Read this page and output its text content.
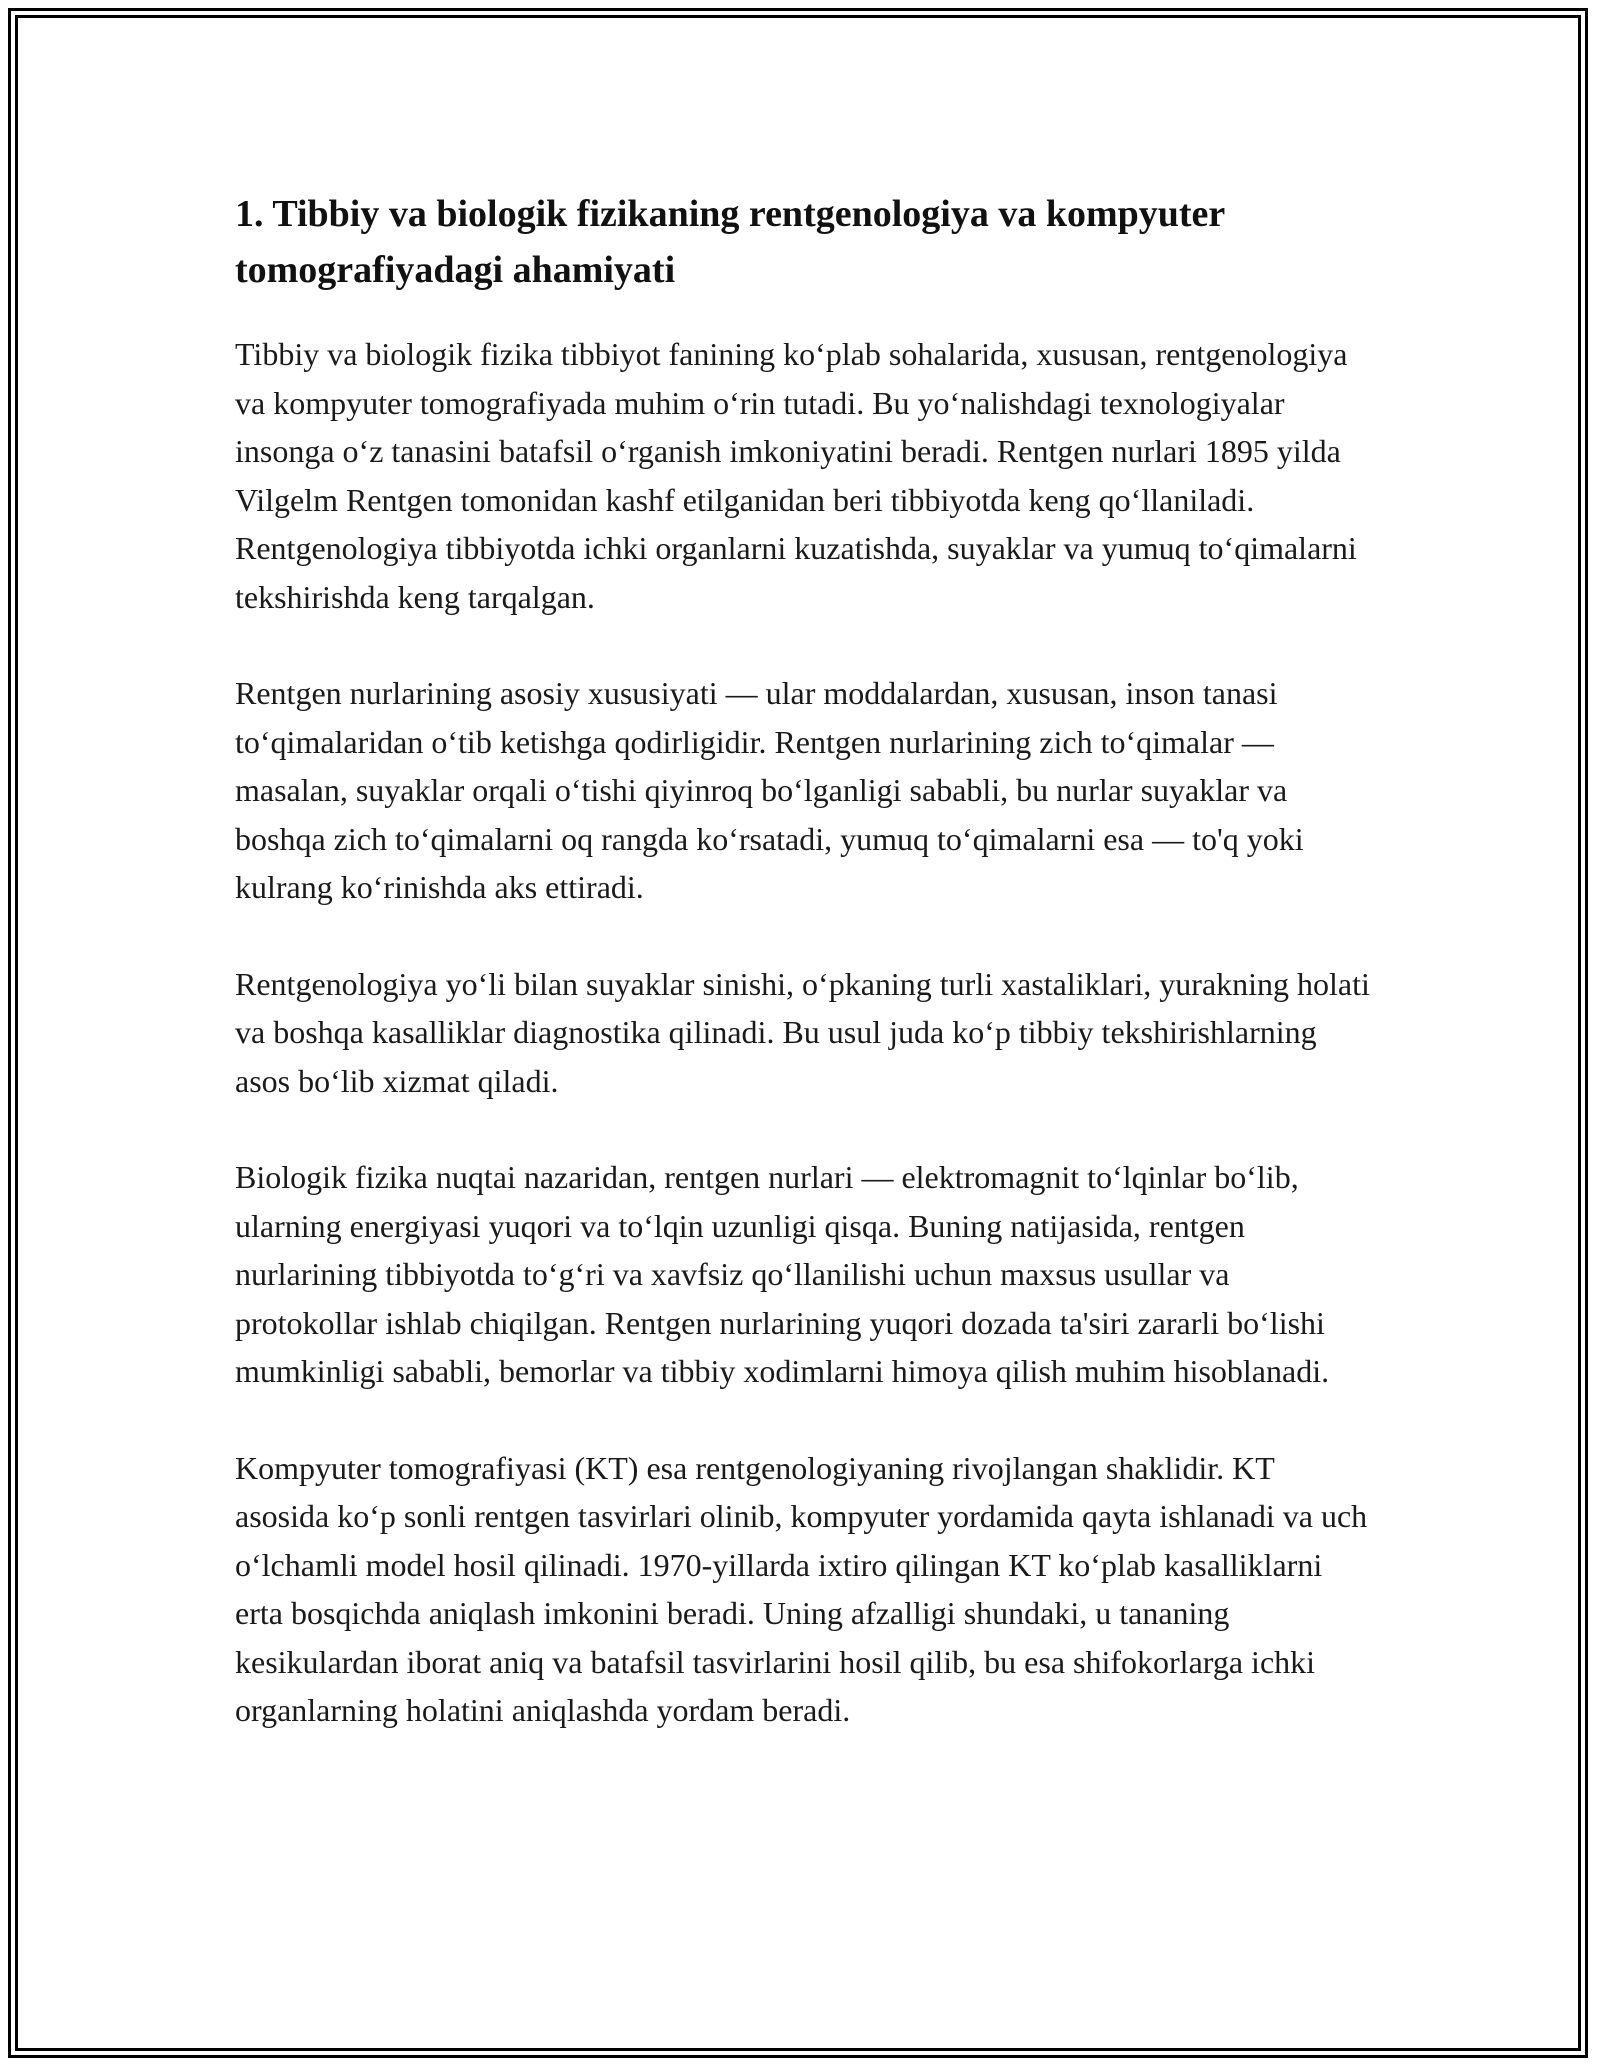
1. Tibbiy va biologik fizikaning rentgenologiya va kompyuter tomografiyadagi ahamiyati

Tibbiy va biologik fizika tibbiyot fanining ko‘plab sohalarida, xususan, rentgenologiya va kompyuter tomografiyada muhim o‘rin tutadi. Bu yo‘nalishdagi texnologiyalar insonga o‘z tanasini batafsil o‘rganish imkoniyatini beradi. Rentgen nurlari 1895 yilda Vilgelm Rentgen tomonidan kashf etilganidan beri tibbiyotda keng qo‘llaniladi. Rentgenologiya tibbiyotda ichki organlarni kuzatishda, suyaklar va yumuq to‘qimalarni tekshirishda keng tarqalgan.

Rentgen nurlarining asosiy xususiyati — ular moddalardan, xususan, inson tanasi to‘qimalaridan o‘tib ketishga qodirligidir. Rentgen nurlarining zich to‘qimalar — masalan, suyaklar orqali o‘tishi qiyinroq bo‘lganligi sababli, bu nurlar suyaklar va boshqa zich to‘qimalarni oq rangda ko‘rsatadi, yumuq to‘qimalarni esa — to'q yoki kulrang ko‘rinishda aks ettiradi.

Rentgenologiya yo‘li bilan suyaklar sinishi, o‘pkaning turli xastaliklari, yurakning holati va boshqa kasalliklar diagnostika qilinadi. Bu usul juda ko‘p tibbiy tekshirishlarning asos bo‘lib xizmat qiladi.

Biologik fizika nuqtai nazaridan, rentgen nurlari — elektromagnit to‘lqinlar bo‘lib, ularning energiyasi yuqori va to‘lqin uzunligi qisqa. Buning natijasida, rentgen nurlarining tibbiyotda to‘g‘ri va xavfsiz qo‘llanilishi uchun maxsus usullar va protokollar ishlab chiqilgan. Rentgen nurlarining yuqori dozada ta'siri zararli bo‘lishi mumkinligi sababli, bemorlar va tibbiy xodimlarni himoya qilish muhim hisoblanadi.

Kompyuter tomografiyasi (KT) esa rentgenologiyaning rivojlangan shaklidir. KT asosida ko‘p sonli rentgen tasvirlari olinib, kompyuter yordamida qayta ishlanadi va uch o‘lchamli model hosil qilinadi. 1970-yillarda ixtiro qilingan KT ko‘plab kasalliklarni erta bosqichda aniqlash imkonini beradi. Uning afzalligi shundaki, u tananing kesikulardan iborat aniq va batafsil tasvirlarini hosil qilib, bu esa shifokorlarga ichki organlarning holatini aniqlashda yordam beradi.
